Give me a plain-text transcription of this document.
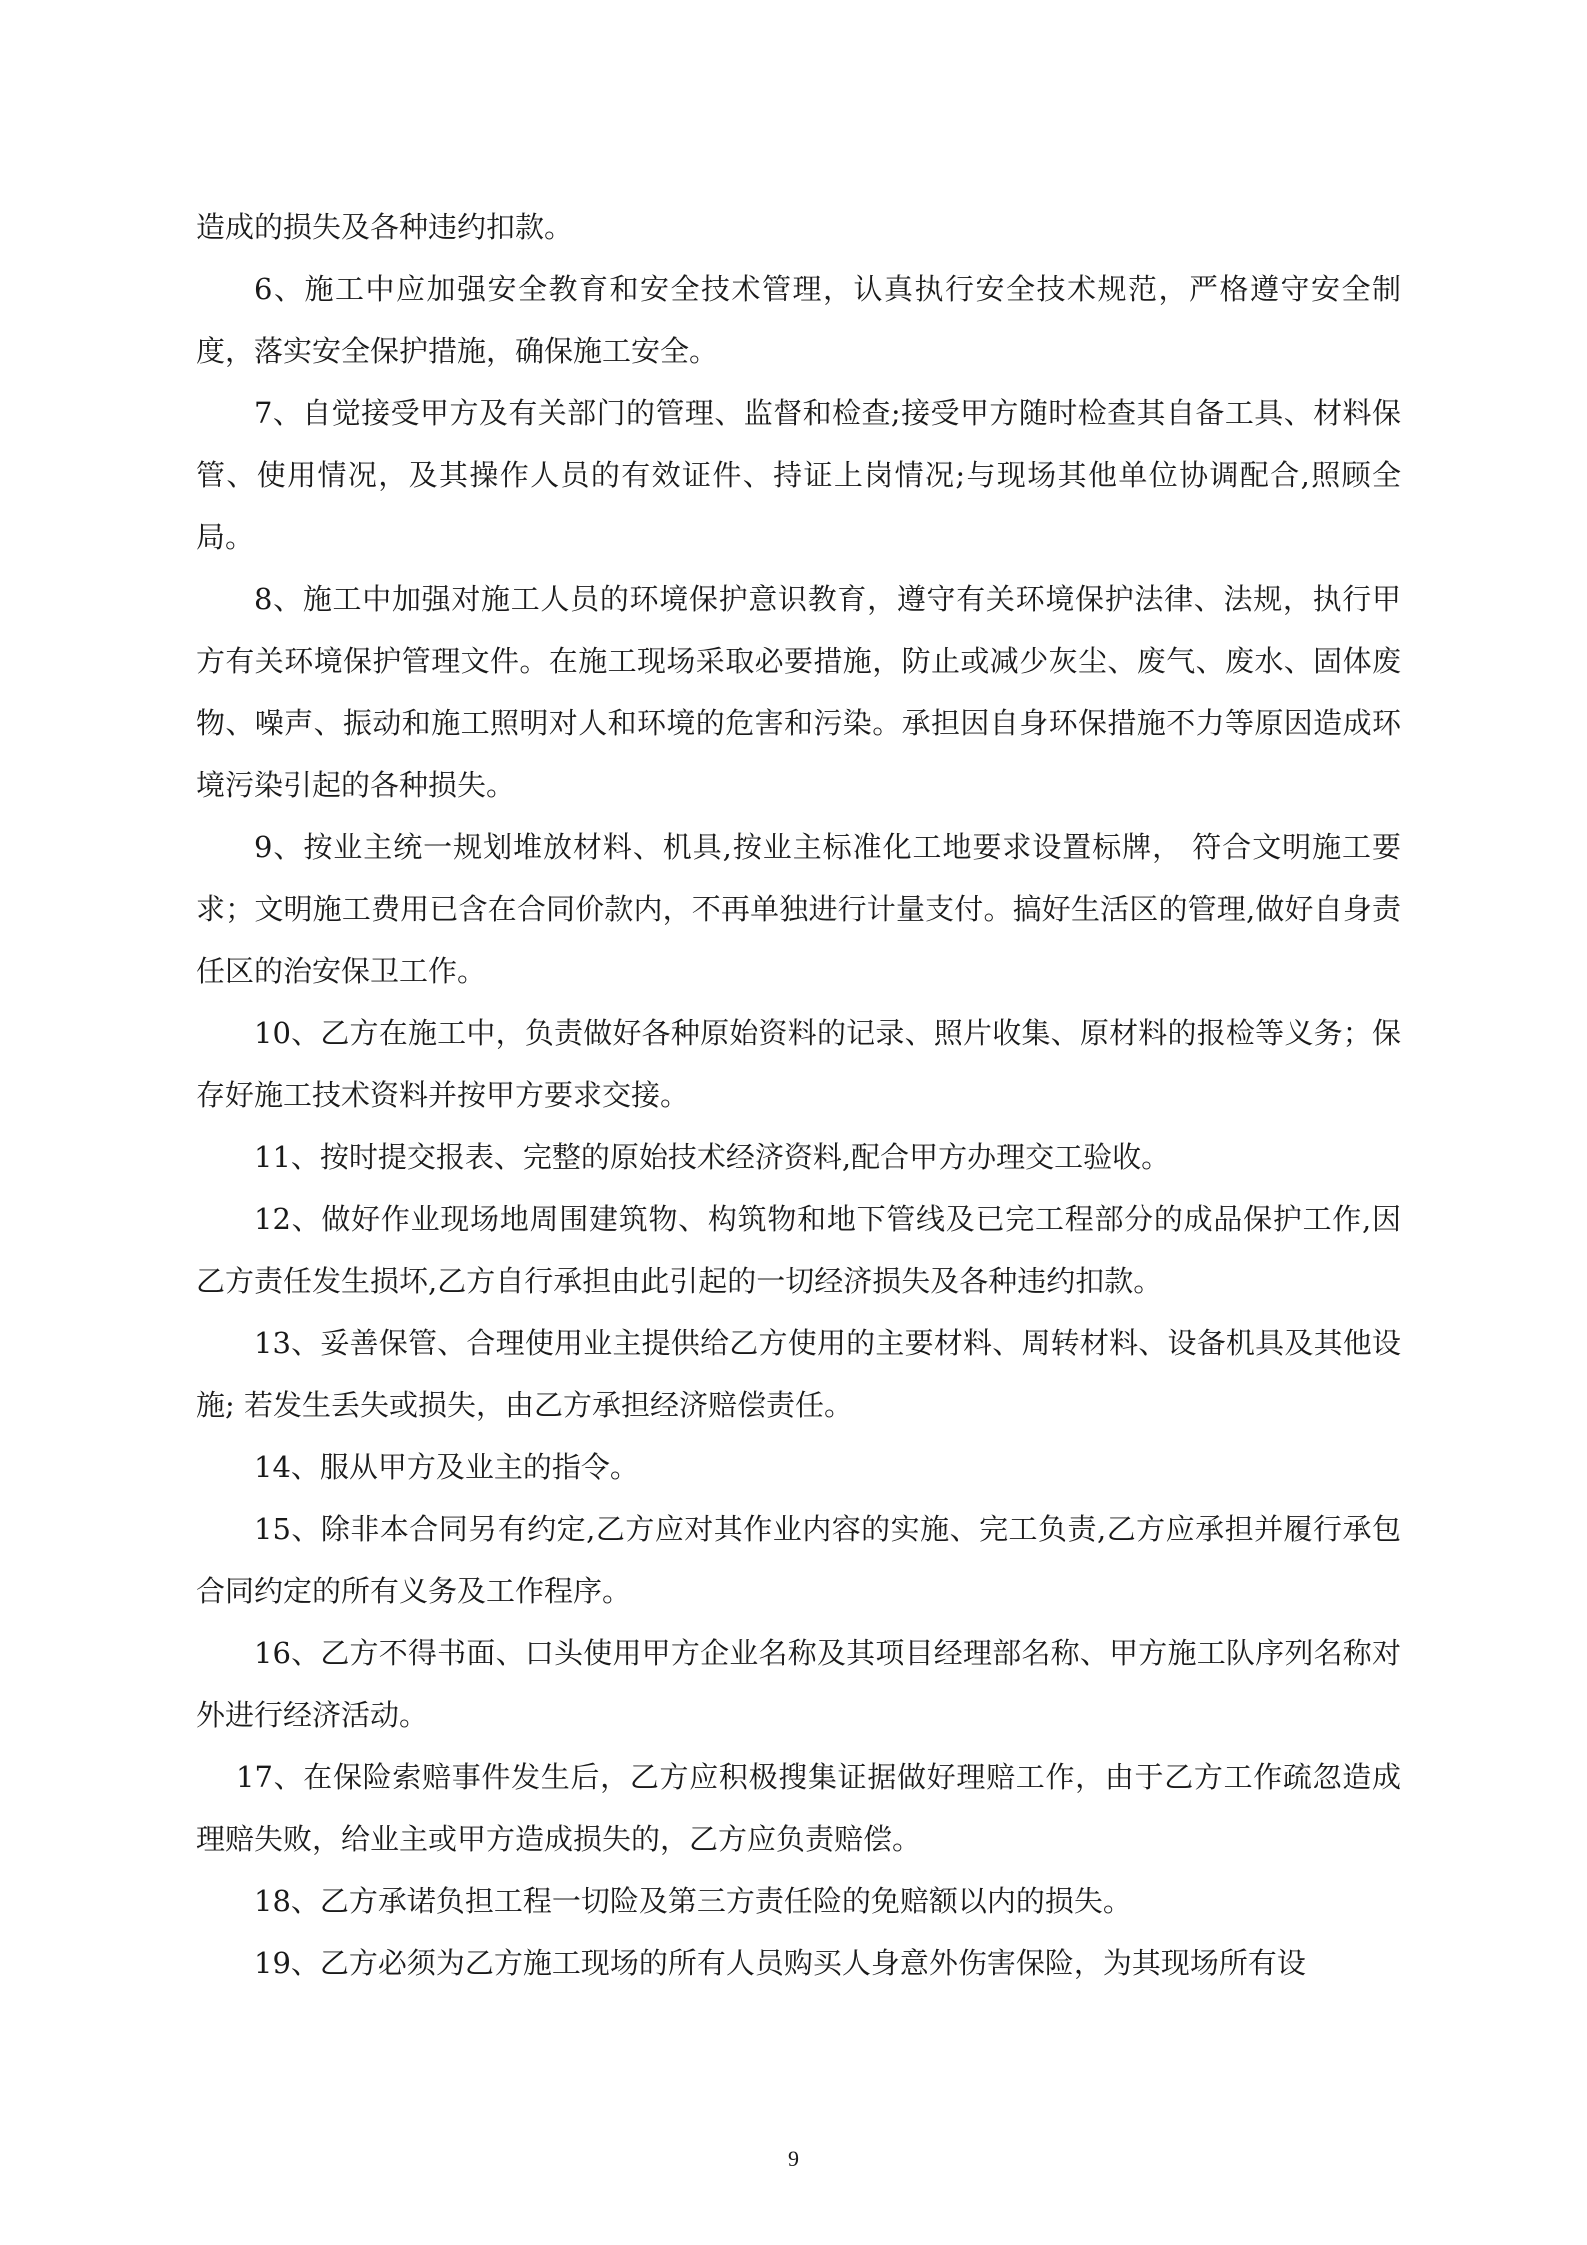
造成的损失及各种违约扣款。

6、施工中应加强安全教育和安全技术管理，认真执行安全技术规范，严格遵守安全制度，落实安全保护措施，确保施工安全。

7、自觉接受甲方及有关部门的管理、监督和检查;接受甲方随时检查其自备工具、材料保管、使用情况，及其操作人员的有效证件、持证上岗情况;与现场其他单位协调配合,照顾全局。

8、施工中加强对施工人员的环境保护意识教育，遵守有关环境保护法律、法规，执行甲方有关环境保护管理文件。在施工现场采取必要措施，防止或减少灰尘、废气、废水、固体废物、噪声、振动和施工照明对人和环境的危害和污染。承担因自身环保措施不力等原因造成环境污染引起的各种损失。

9、按业主统一规划堆放材料、机具,按业主标准化工地要求设置标牌， 符合文明施工要求；文明施工费用已含在合同价款内，不再单独进行计量支付。搞好生活区的管理,做好自身责任区的治安保卫工作。

10、乙方在施工中，负责做好各种原始资料的记录、照片收集、原材料的报检等义务；保存好施工技术资料并按甲方要求交接。

11、按时提交报表、完整的原始技术经济资料,配合甲方办理交工验收。

12、做好作业现场地周围建筑物、构筑物和地下管线及已完工程部分的成品保护工作,因乙方责任发生损坏,乙方自行承担由此引起的一切经济损失及各种违约扣款。

13、妥善保管、合理使用业主提供给乙方使用的主要材料、周转材料、设备机具及其他设施; 若发生丢失或损失，由乙方承担经济赔偿责任。

14、服从甲方及业主的指令。

15、除非本合同另有约定,乙方应对其作业内容的实施、完工负责,乙方应承担并履行承包合同约定的所有义务及工作程序。

16、乙方不得书面、口头使用甲方企业名称及其项目经理部名称、甲方施工队序列名称对外进行经济活动。

17、在保险索赔事件发生后，乙方应积极搜集证据做好理赔工作，由于乙方工作疏忽造成理赔失败，给业主或甲方造成损失的，乙方应负责赔偿。

18、乙方承诺负担工程一切险及第三方责任险的免赔额以内的损失。

19、乙方必须为乙方施工现场的所有人员购买人身意外伤害保险，为其现场所有设

9
